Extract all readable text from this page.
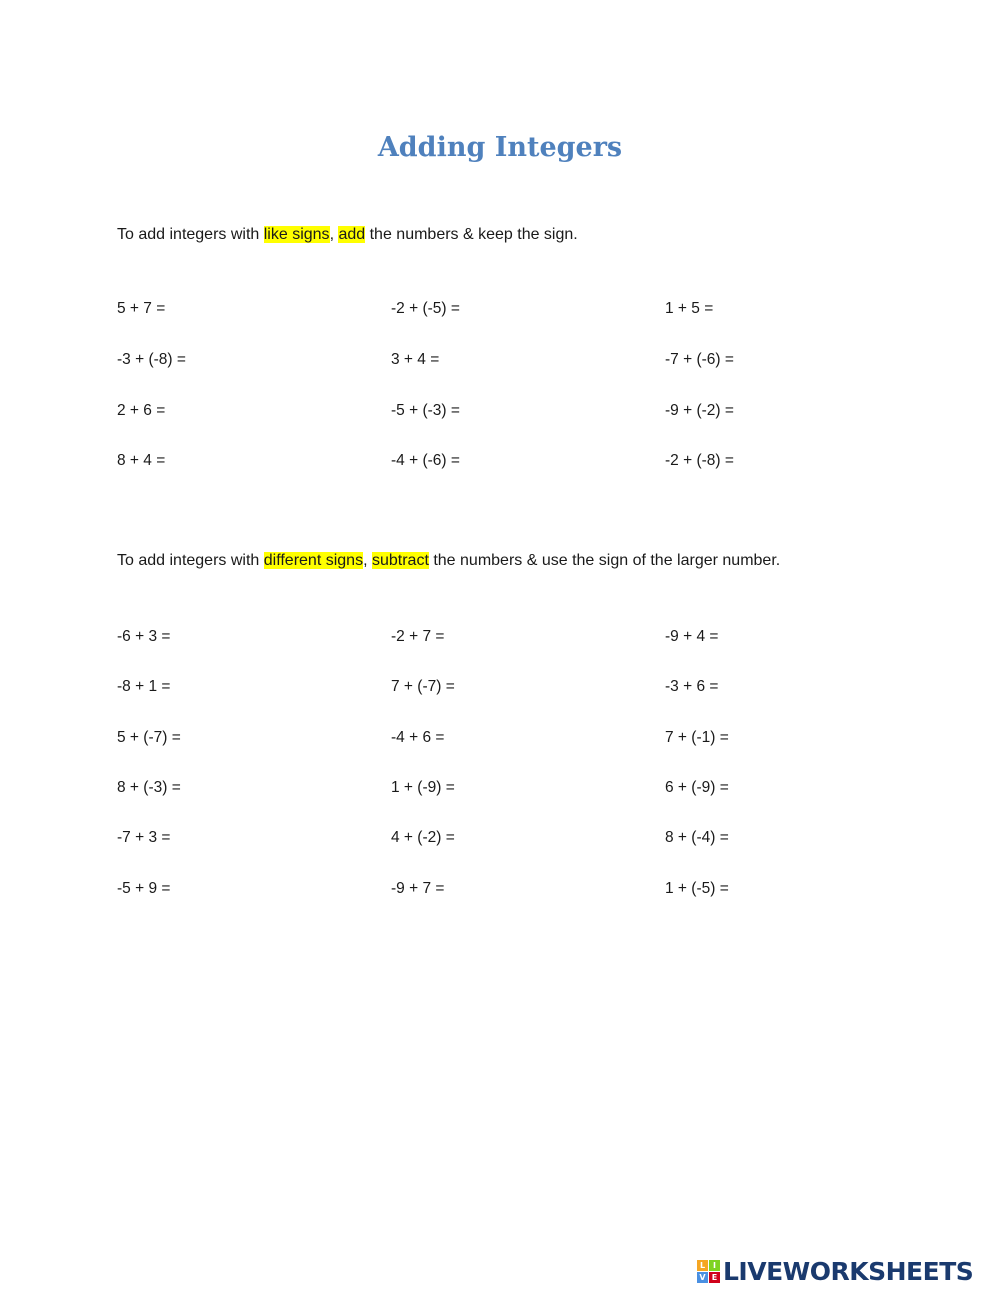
Adding Integers
To add integers with like signs, add the numbers & keep the sign.
5 + 7 =	-2 + (-5) =	1 + 5 =
-3 + (-8) =	3 + 4 =	-7 + (-6) =
2 + 6 =	-5 + (-3) =	-9 + (-2) =
8 + 4 =	-4 + (-6) =	-2 + (-8) =
To add integers with different signs, subtract the numbers & use the sign of the larger number.
-6 + 3 =	-2 + 7 =	-9 + 4 =
-8 + 1 =	7 + (-7) =	-3 + 6 =
5 + (-7) =	-4 + 6 =	7 + (-1) =
8 + (-3) =	1 + (-9) =	6 + (-9) =
-7 + 3 =	4 + (-2) =	8 + (-4) =
-5 + 9 =	-9 + 7 =	1 + (-5) =
L I
V E LIVEWORKSHEETS
